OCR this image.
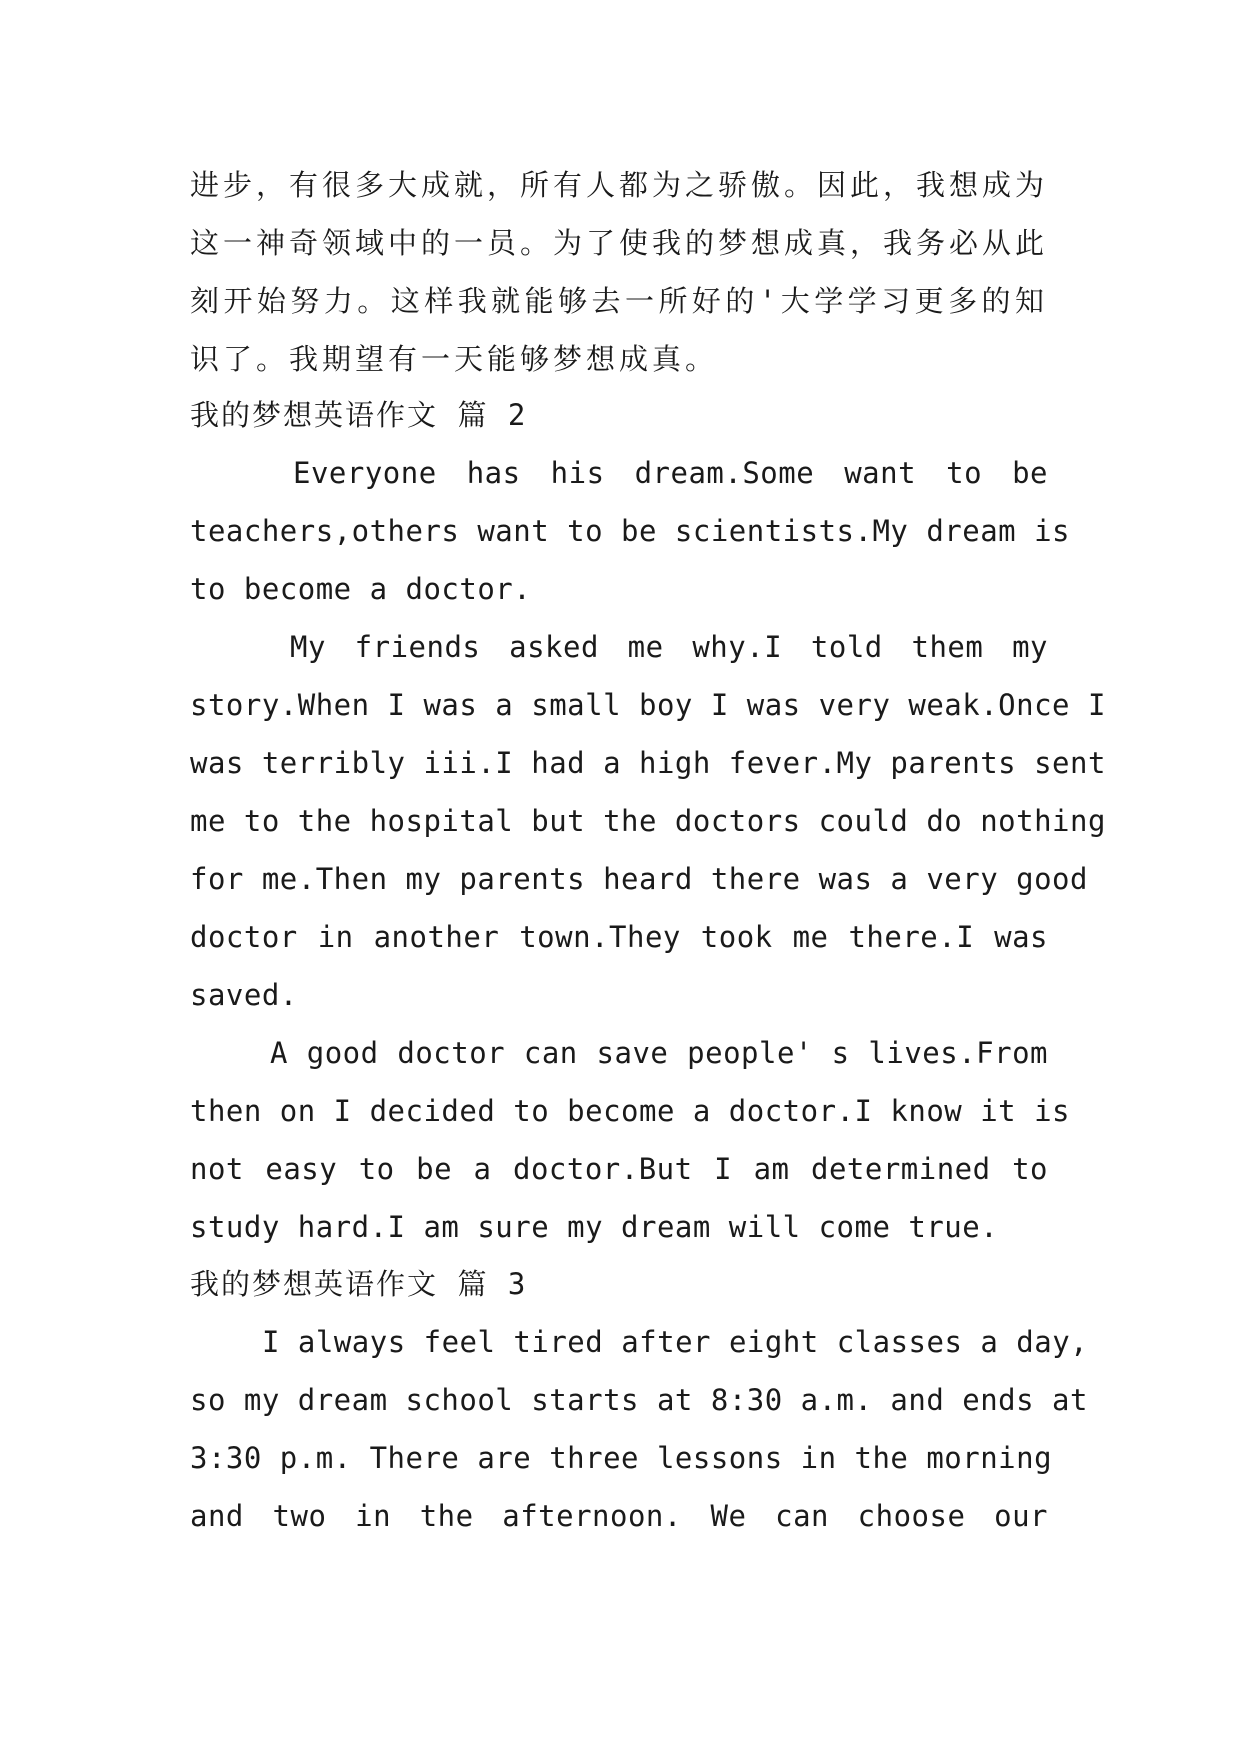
进步，有很多大成就，所有人都为之骄傲。因此，我想成为
这一神奇领域中的一员。为了使我的梦想成真，我务必从此
刻开始努力。这样我就能够去一所好的'大学学习更多的知
识了。我期望有一天能够梦想成真。
我的梦想英语作文 篇 2
Everyone has his dream.Some want to be
teachers,others want to be scientists.My dream is
to become a doctor.
My friends asked me why.I told them my
story.When I was a small boy I was very weak.Once I
was terribly iii.I had a high fever.My parents sent
me to the hospital but the doctors could do nothing
for me.Then my parents heard there was a very good
doctor in another town.They took me there.I was
saved.
A good doctor can save people' s lives.From
then on I decided to become a doctor.I know it is
not easy to be a doctor.But I am determined to
study hard.I am sure my dream will come true.
我的梦想英语作文 篇 3
I always feel tired after eight classes a day,
so my dream school starts at 8:30 a.m. and ends at
3:30 p.m. There are three lessons in the morning
and two in the afternoon. We can choose our
